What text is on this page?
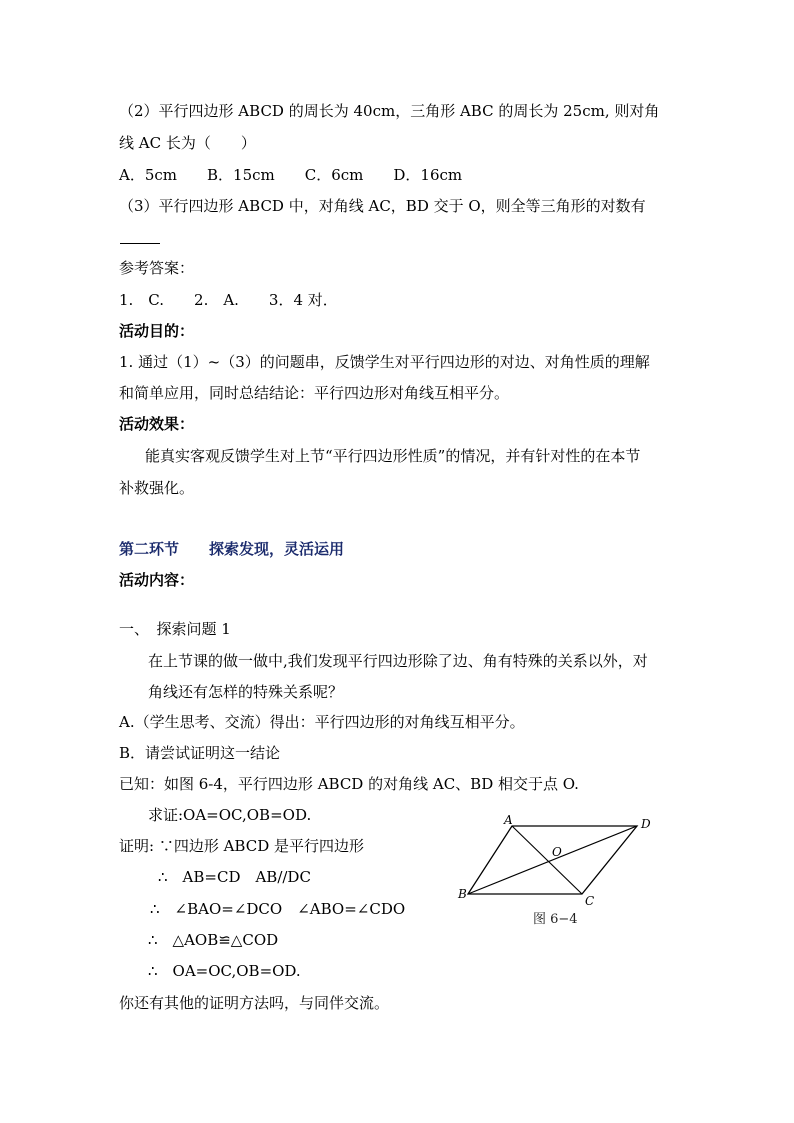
（2）平行四边形 ABCD 的周长为 40cm，三角形 ABC 的周长为 25cm, 则对角
线 AC 长为（　　）
A．5cm　　B．15cm　　C．6cm　　D．16cm
（3）平行四边形 ABCD 中，对角线 AC，BD 交于 O，则全等三角形的对数有
参考答案：
1.　C.　　2.　A.　　3．4 对．
活动目的：
1. 通过（1）~（3）的问题串，反馈学生对平行四边形的对边、对角性质的理解
和简单应用，同时总结结论：平行四边形对角线互相平分。
活动效果：
能真实客观反馈学生对上节“平行四边形性质”的情况，并有针对性的在本节
补救强化。
第二环节　　探索发现，灵活运用
活动内容：
一、　探索问题 1
在上节课的做一做中,我们发现平行四边形除了边、角有特殊的关系以外，对
角线还有怎样的特殊关系呢？
A.（学生思考、交流）得出：平行四边形的对角线互相平分。
B．请尝试证明这一结论
已知：如图 6-4，平行四边形 ABCD 的对角线 AC、BD 相交于点 O.
求证:OA=OC,OB=OD.
证明: ∵四边形 ABCD 是平行四边形
∴　AB=CD　AB//DC
∴　∠BAO=∠DCO　∠ABO=∠CDO
∴　△AOB≌△COD
∴　OA=OC,OB=OD.
你还有其他的证明方法吗，与同伴交流。
A	D
B	C
O
图 6−4
